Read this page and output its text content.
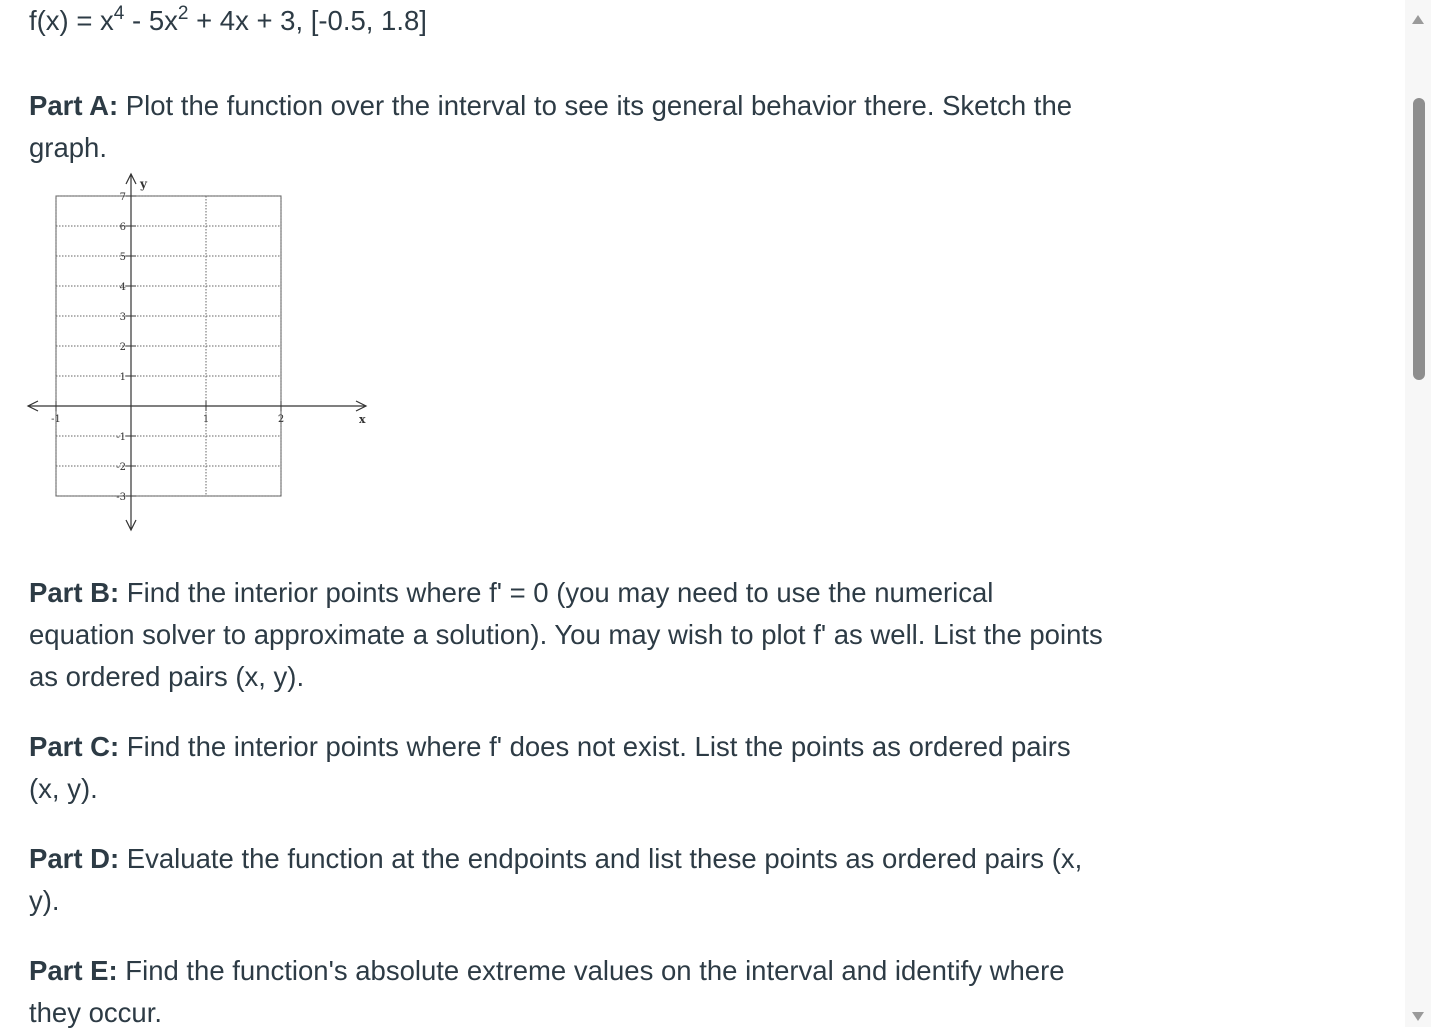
$f(x) = x^4 - 5x^2 + 4x + 3$, [-0.5, 1.8]

Part A: Plot the function over the interval to see its general behavior there. Sketch the graph.

Part B: Find the interior points where f' = 0 (you may need to use the numerical equation solver to approximate a solution). You may wish to plot f' as well. List the points as ordered pairs (x, y).

Part C: Find the interior points where f' does not exist. List the points as ordered pairs (x, y).

Part D: Evaluate the function at the endpoints and list these points as ordered pairs (x, y).

Part E: Find the function's absolute extreme values on the interval and identify where they occur.

y
x
7
6
5
4
3
2
1
-1
-2
-3
-1	1	2
